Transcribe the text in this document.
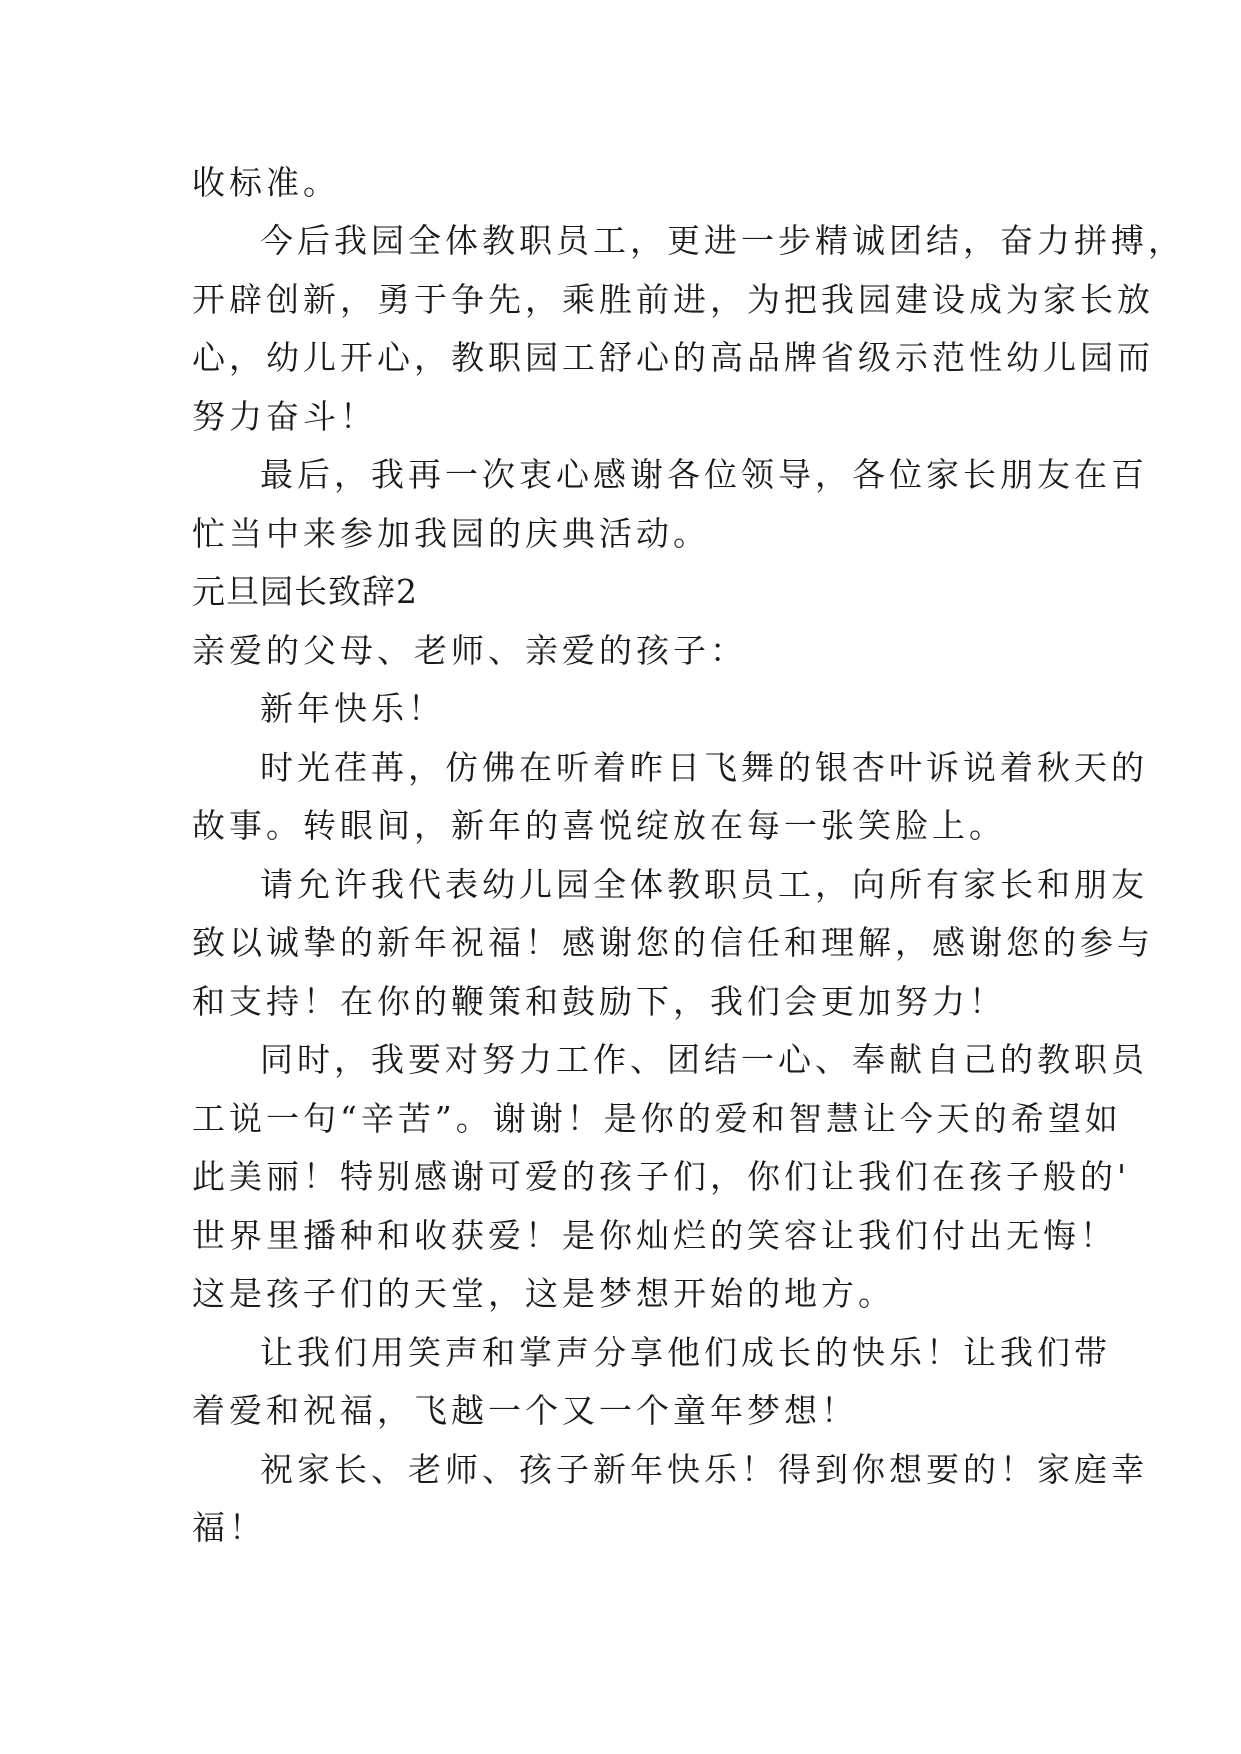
收标准。
今后我园全体教职员工，更进一步精诚团结，奋力拼搏，
开辟创新，勇于争先，乘胜前进，为把我园建设成为家长放
心，幼儿开心，教职园工舒心的高品牌省级示范性幼儿园而
努力奋斗！
最后，我再一次衷心感谢各位领导，各位家长朋友在百
忙当中来参加我园的庆典活动。
元旦园长致辞2
亲爱的父母、老师、亲爱的孩子：
新年快乐！
时光荏苒，仿佛在听着昨日飞舞的银杏叶诉说着秋天的
故事。转眼间，新年的喜悦绽放在每一张笑脸上。
请允许我代表幼儿园全体教职员工，向所有家长和朋友
致以诚挚的新年祝福！感谢您的信任和理解，感谢您的参与
和支持！在你的鞭策和鼓励下，我们会更加努力！
同时，我要对努力工作、团结一心、奉献自己的教职员
工说一句“辛苦”。谢谢！是你的爱和智慧让今天的希望如
此美丽！特别感谢可爱的孩子们，你们让我们在孩子般的'
世界里播种和收获爱！是你灿烂的笑容让我们付出无悔！
这是孩子们的天堂，这是梦想开始的地方。
让我们用笑声和掌声分享他们成长的快乐！让我们带
着爱和祝福，飞越一个又一个童年梦想！
祝家长、老师、孩子新年快乐！得到你想要的！家庭幸
福！
